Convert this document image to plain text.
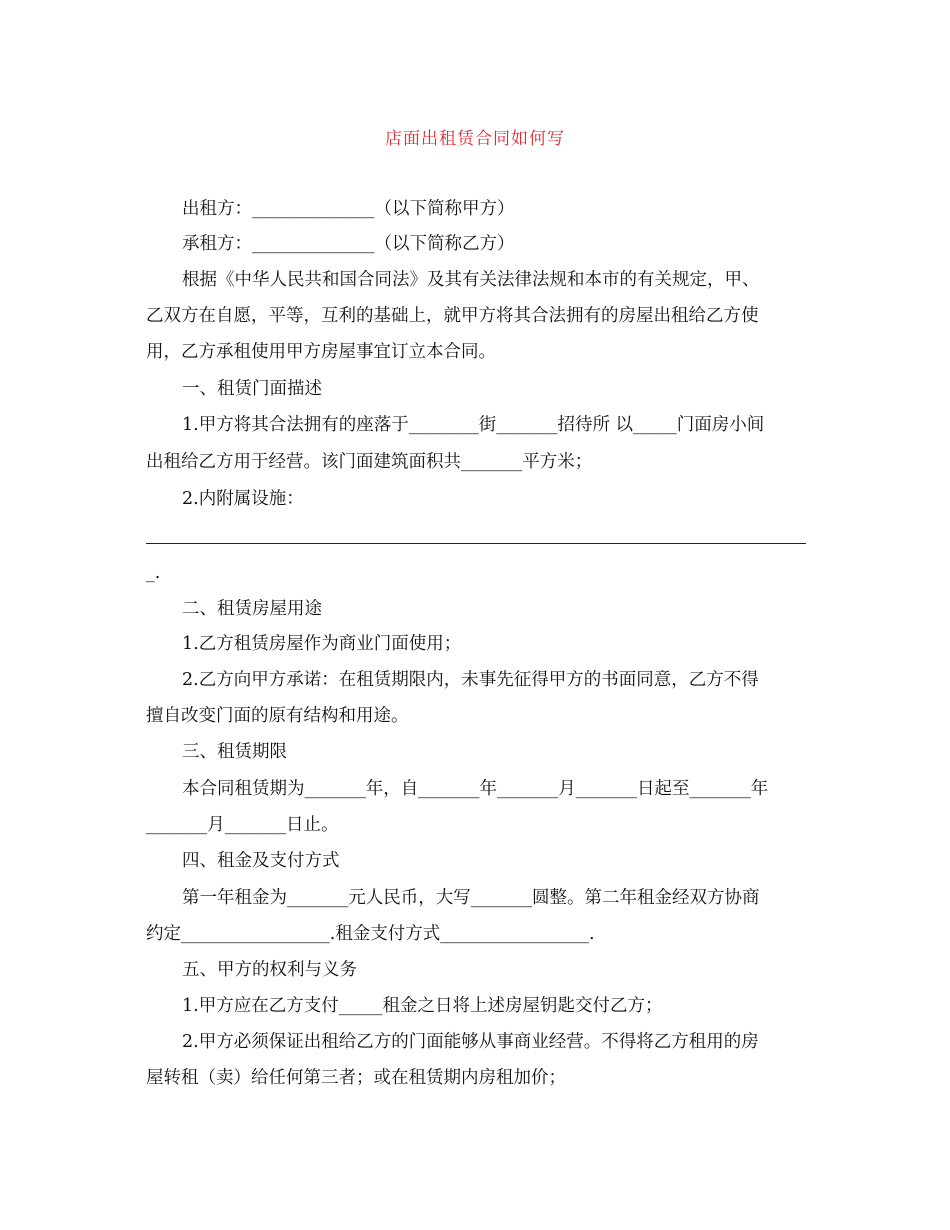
店面出租赁合同如何写
出租方：______________（以下简称甲方）
承租方：______________（以下简称乙方）
根据《中华人民共和国合同法》及其有关法律法规和本市的有关规定，甲、
乙双方在自愿，平等，互利的基础上，就甲方将其合法拥有的房屋出租给乙方使
用，乙方承租使用甲方房屋事宜订立本合同。
一、租赁门面描述
1.甲方将其合法拥有的座落于________街_______招待所 以_____门面房小间
出租给乙方用于经营。该门面建筑面积共_______平方米；
2.内附属设施：
_.
二、租赁房屋用途
1.乙方租赁房屋作为商业门面使用；
2.乙方向甲方承诺：在租赁期限内，未事先征得甲方的书面同意，乙方不得
擅自改变门面的原有结构和用途。
三、租赁期限
本合同租赁期为_______年，自_______年_______月_______日起至_______年
_______月_______日止。
四、租金及支付方式
第一年租金为_______元人民币，大写_______圆整。第二年租金经双方协商
约定_________________.租金支付方式_________________.
五、甲方的权利与义务
1.甲方应在乙方支付_____租金之日将上述房屋钥匙交付乙方；
2.甲方必须保证出租给乙方的门面能够从事商业经营。不得将乙方租用的房
屋转租（卖）给任何第三者；或在租赁期内房租加价；
